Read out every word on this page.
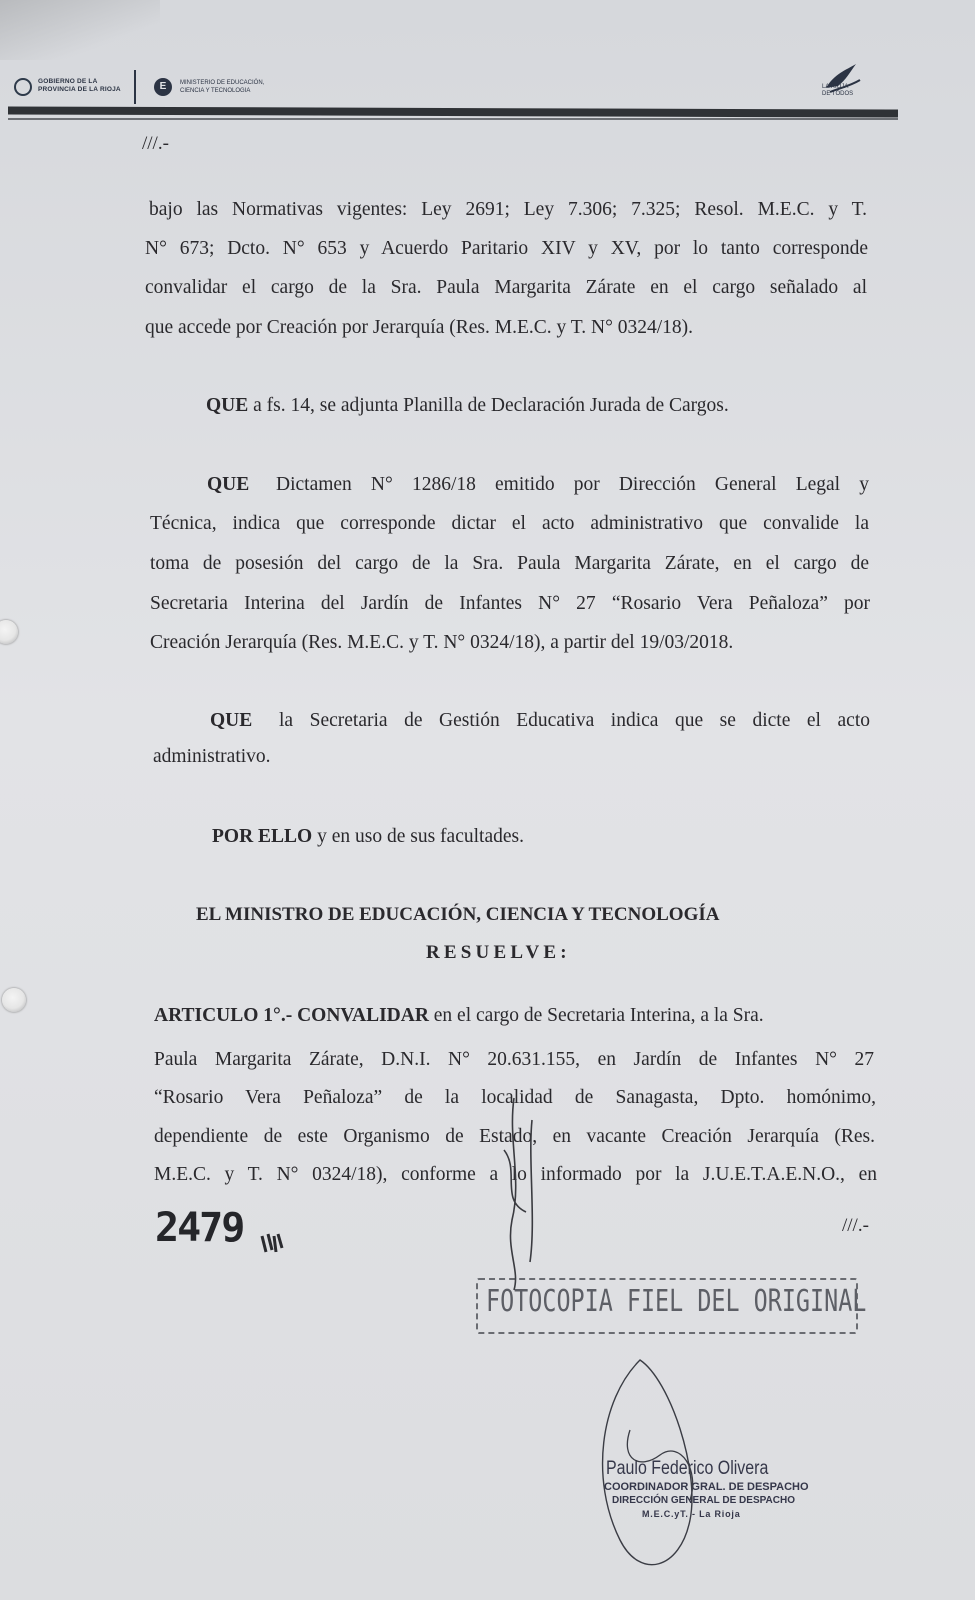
GOBIERNO DE LA
PROVINCIA DE LA RIOJA	E	MINISTERIO DE EDUCACIÓN,
CIENCIA Y TECNOLOGIA
LA RIOJA
DE TODOS
///.-
bajo las Normativas vigentes: Ley 2691; Ley 7.306; 7.325; Resol. M.E.C. y T.
N° 673; Dcto. N° 653 y Acuerdo Paritario XIV y XV, por lo tanto corresponde
convalidar el cargo de la Sra. Paula Margarita Zárate en el cargo señalado al
que accede por Creación por Jerarquía (Res. M.E.C. y T. N° 0324/18).
QUE a fs. 14, se adjunta Planilla de Declaración Jurada de Cargos.
QUE Dictamen N° 1286/18 emitido por Dirección General Legal y
Técnica, indica que corresponde dictar el acto administrativo que convalide la
toma de posesión del cargo de la Sra. Paula Margarita Zárate, en el cargo de
Secretaria Interina del Jardín de Infantes N° 27 “Rosario Vera Peñaloza” por
Creación Jerarquía (Res. M.E.C. y T. N° 0324/18), a partir del 19/03/2018.
QUE la Secretaria de Gestión Educativa indica que se dicte el acto
administrativo.
POR ELLO y en uso de sus facultades.
EL MINISTRO DE EDUCACIÓN, CIENCIA Y TECNOLOGÍA
RESUELVE:
ARTICULO 1°.- CONVALIDAR en el cargo de Secretaria Interina, a la Sra.
Paula Margarita Zárate, D.N.I. N° 20.631.155, en Jardín de Infantes N° 27
“Rosario Vera Peñaloza” de la localidad de Sanagasta, Dpto. homónimo,
dependiente de este Organismo de Estado, en vacante Creación Jerarquía (Res.
M.E.C. y T. N° 0324/18), conforme a lo informado por la J.U.E.T.A.E.N.O., en
///.-
2479
FOTOCOPIA FIEL DEL ORIGINAL
Paulo Federico Olivera
COORDINADOR GRAL. DE DESPACHO
DIRECCIÓN GENERAL DE DESPACHO
M.E.C.yT. - La Rioja
